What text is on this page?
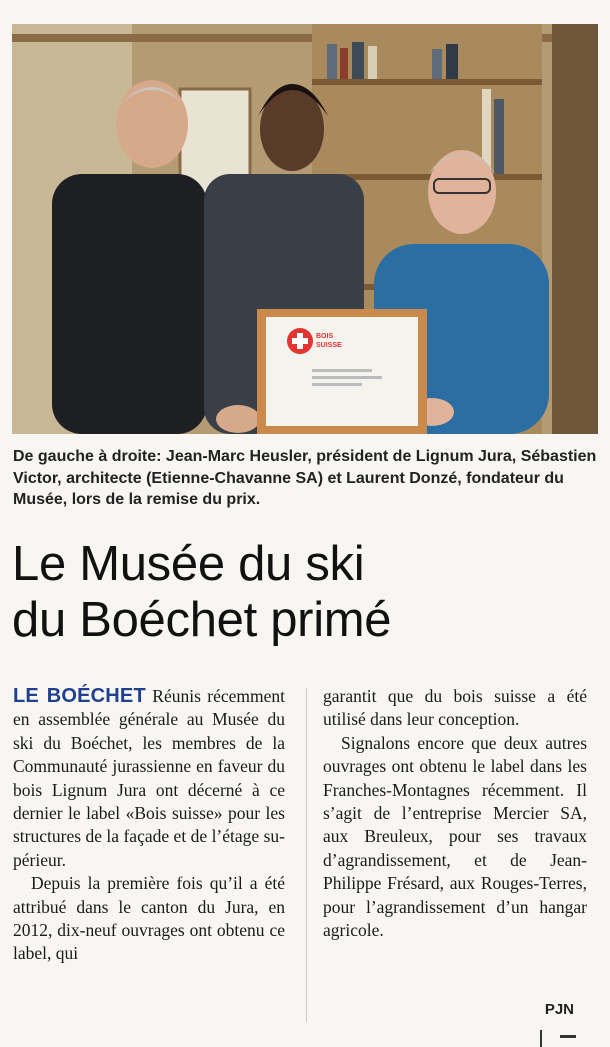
BOIS
SUISSE

De gauche à droite: Jean-Marc Heusler, président de Lignum Jura, Sébastien Victor, architecte (Etienne-Chavanne SA) et Laurent Donzé, fondateur du Musée, lors de la remise du prix.

Le Musée du ski
du Boéchet primé

LE BOÉCHET Réunis récemment en assemblée générale au Musée du ski du Boéchet, les membres de la Communauté jurassienne en faveur du bois Lignum Jura ont décerné à ce dernier le label «Bois suisse» pour les structures de la façade et de l’étage supérieur.

Depuis la première fois qu’il a été attribué dans le canton du Jura, en 2012, dix-neuf ouvrages ont obtenu ce label, qui

garantit que du bois suisse a été utilisé dans leur conception.

Signalons encore que deux autres ouvrages ont obtenu le label dans les Franches-Montagnes récemment. Il s’agit de l’entreprise Mercier SA, aux Breuleux, pour ses travaux d’agrandissement, et de Jean-Philippe Frésard, aux Rouges-Terres, pour l’agrandissement d’un hangar agricole.

PJN
